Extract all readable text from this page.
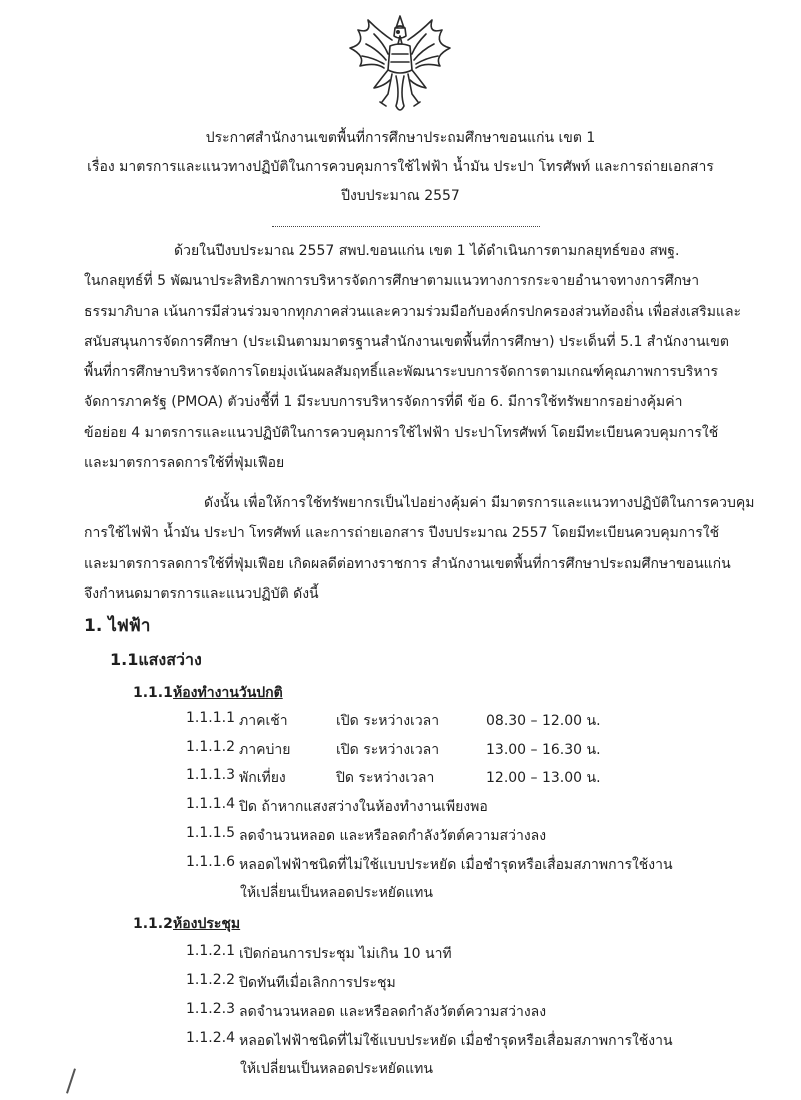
ประกาศสำนักงานเขตพื้นที่การศึกษาประถมศึกษาขอนแก่น เขต 1
เรื่อง มาตรการและแนวทางปฏิบัติในการควบคุมการใช้ไฟฟ้า น้ำมัน ประปา โทรศัพท์ และการถ่ายเอกสาร
ปีงบประมาณ 2557
ด้วยในปีงบประมาณ 2557 สพป.ขอนแก่น เขต 1 ได้ดำเนินการตามกลยุทธ์ของ สพฐ.
ในกลยุทธ์ที่ 5 พัฒนาประสิทธิภาพการบริหารจัดการศึกษาตามแนวทางการกระจายอำนาจทางการศึกษา
ธรรมาภิบาล เน้นการมีส่วนร่วมจากทุกภาคส่วนและความร่วมมือกับองค์กรปกครองส่วนท้องถิ่น เพื่อส่งเสริมและ
สนับสนุนการจัดการศึกษา (ประเมินตามมาตรฐานสำนักงานเขตพื้นที่การศึกษา) ประเด็นที่ 5.1 สำนักงานเขต
พื้นที่การศึกษาบริหารจัดการโดยมุ่งเน้นผลสัมฤทธิ์และพัฒนาระบบการจัดการตามเกณฑ์คุณภาพการบริหาร
จัดการภาครัฐ (PMOA) ตัวบ่งชี้ที่ 1 มีระบบการบริหารจัดการที่ดี ข้อ 6. มีการใช้ทรัพยากรอย่างคุ้มค่า
ข้อย่อย 4 มาตรการและแนวปฏิบัติในการควบคุมการใช้ไฟฟ้า ประปาโทรศัพท์ โดยมีทะเบียนควบคุมการใช้
และมาตรการลดการใช้ที่ฟุ่มเฟือย
ดังนั้น เพื่อให้การใช้ทรัพยากรเป็นไปอย่างคุ้มค่า มีมาตรการและแนวทางปฏิบัติในการควบคุม
การใช้ไฟฟ้า น้ำมัน ประปา โทรศัพท์ และการถ่ายเอกสาร ปีงบประมาณ 2557 โดยมีทะเบียนควบคุมการใช้
และมาตรการลดการใช้ที่ฟุ่มเฟือย เกิดผลดีต่อทางราชการ สำนักงานเขตพื้นที่การศึกษาประถมศึกษาขอนแก่น
จึงกำหนดมาตรการและแนวปฏิบัติ ดังนี้
1. ไฟฟ้า
1.1แสงสว่าง
1.1.1ห้องทำงานวันปกติ
1.1.1.1 ภาคเช้า	เปิด ระหว่างเวลา	08.30 – 12.00 น.
1.1.1.2 ภาคบ่าย	เปิด ระหว่างเวลา	13.00 – 16.30 น.
1.1.1.3 พักเที่ยง	ปิด ระหว่างเวลา	12.00 – 13.00 น.
1.1.1.4 ปิด ถ้าหากแสงสว่างในห้องทำงานเพียงพอ
1.1.1.5 ลดจำนวนหลอด และหรือลดกำลังวัตต์ความสว่างลง
1.1.1.6 หลอดไฟฟ้าชนิดที่ไม่ใช้แบบประหยัด เมื่อชำรุดหรือเสื่อมสภาพการใช้งาน
ให้เปลี่ยนเป็นหลอดประหยัดแทน
1.1.2ห้องประชุม
1.1.2.1 เปิดก่อนการประชุม ไม่เกิน 10 นาที
1.1.2.2 ปิดทันทีเมื่อเลิกการประชุม
1.1.2.3 ลดจำนวนหลอด และหรือลดกำลังวัตต์ความสว่างลง
1.1.2.4 หลอดไฟฟ้าชนิดที่ไม่ใช้แบบประหยัด เมื่อชำรุดหรือเสื่อมสภาพการใช้งาน
ให้เปลี่ยนเป็นหลอดประหยัดแทน
